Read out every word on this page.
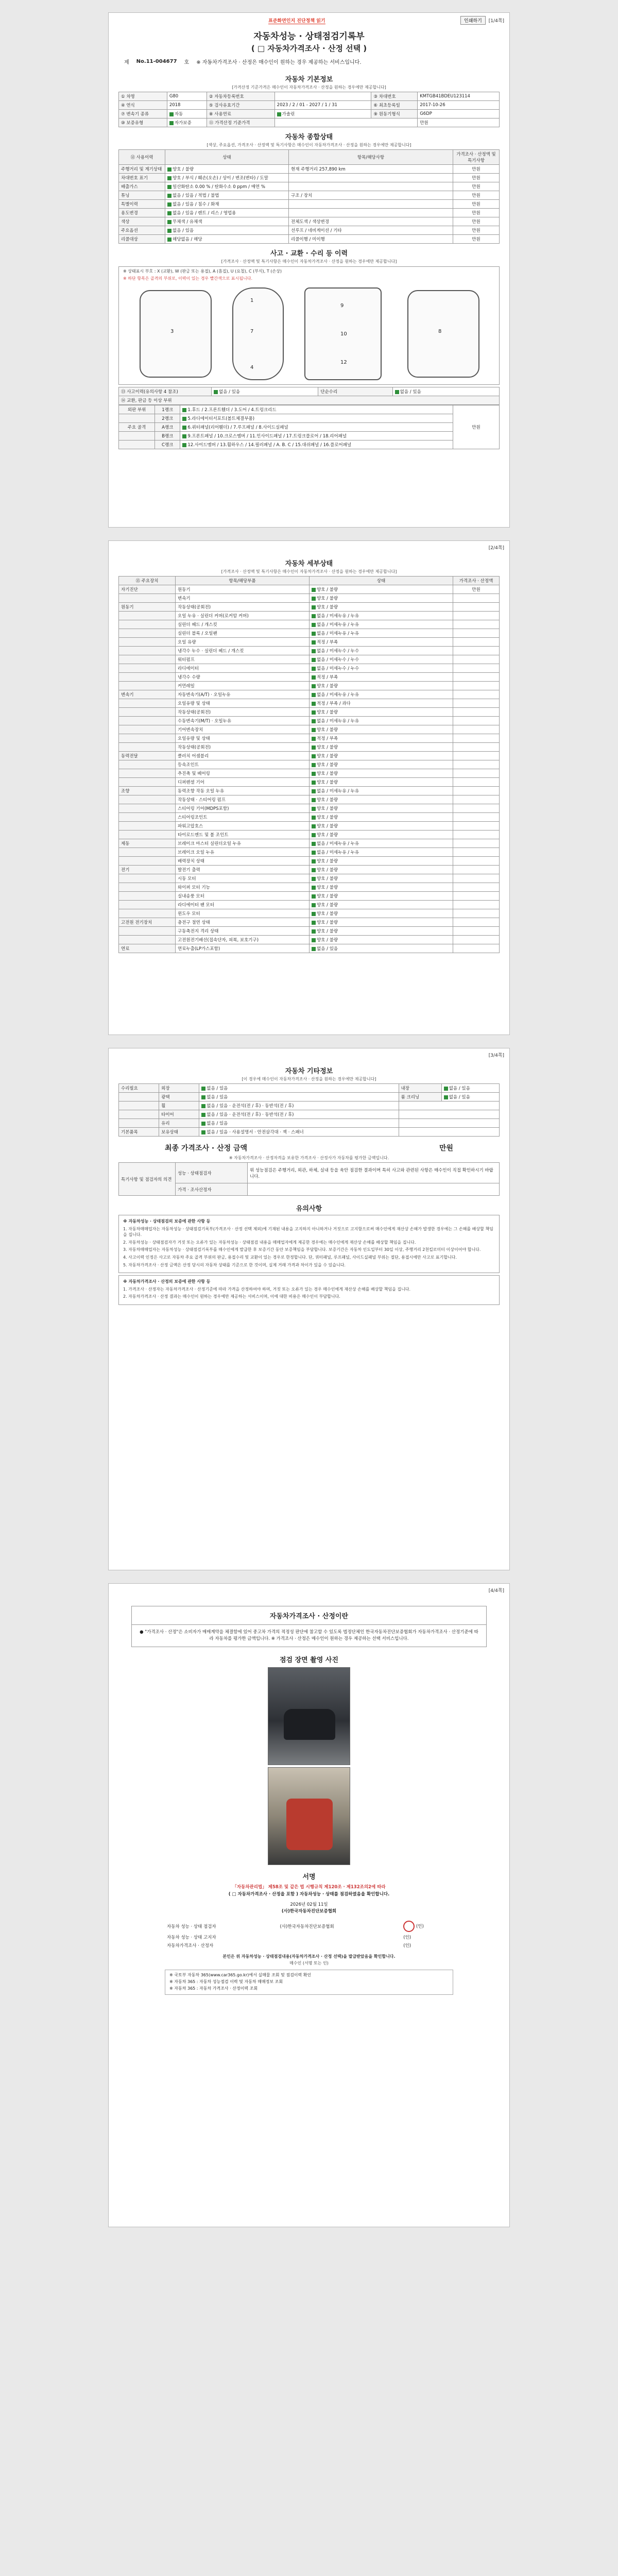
표준화면인지 진단정책 읽기	인쇄하기	[1/4쪽]
자동차성능 · 상태점검기록부
( □ 자동차가격조사 · 산정 선택 )
제 No.11-004677 호 ※ 자동차가격조사 · 산정은 매수인이 원하는 경우 제공하는 서비스입니다.
자동차 기본정보
[가격산정 기준가격은 매수인이 자동차가격조사 · 산정을 원하는 경우에만 제공합니다]
① 차명	G80	② 자동차등록번호		③ 차대번호	KMTGB41BDEU123114
④ 연식	2018	⑤ 검사유효기간	2023 / 2 / 01 - 2027 / 1 / 31	⑥ 최초등록일	2017-10-26
⑦ 변속기 종류	자동	⑧ 사용연료	가솔린	⑨ 원동기형식	G6DP
⑩ 보증유형	자가보증	⑪ 가격산정 기준가격			만원
자동차 종합상태
[색상, 주요옵션, 가격조사 · 산정액 및 특기사항은 매수인이 자동차가격조사 · 산정을 원하는 경우에만 제공합니다]
⑫ 사용이력	상태	항목/해당사항	가격조사 · 산정액 및 특기사항
주행거리 및 계기상태	양호 / 불량	현재 주행거리 257,890 km	만원
차대번호 표기	양호 / 부식 / 훼손(오손) / 상이 / 변조(변타) / 도말		만원
배출가스	일산화탄소 0.00 % / 탄화수소 0 ppm / 매연 %		만원
튜닝	없음 / 있음 / 적법 / 불법	구조 / 장치	만원
특별이력	없음 / 있음 / 침수 / 화재		만원
용도변경	없음 / 있음 / 렌트 / 리스 / 영업용		만원
색상	무채색 / 유채색	전체도색 / 색상변경	만원
주요옵션	없음 / 있음	선루프 / 네비게이션 / 기타	만원
리콜대상	해당없음 / 해당	리콜이행 / 미이행	만원
사고 · 교환 · 수리 등 이력
[가격조사 · 산정액 및 특기사항은 매수인이 자동차가격조사 · 산정을 원하는 경우에만 제공합니다]
※ 상태표시 부호 : X (교환), W (판금 또는 용접), A (흠집), U (요철), C (부식), T (손상)
※ 하단 항목은 골격의 부위로, 이력이 있는 경우 빨간색으로 표시됩니다.
1
7
4
9
10
12
3	8
⑬ 사고이력(유의사항 4 참조)	없음 / 있음	단순수리	없음 / 있음
⑭ 교환, 판금 등 이상 부위
외판 부위	1랭크	1.후드 / 2.프론트휀더 / 3.도어 / 4.트렁크리드	만원
	2랭크	5.라디에이터서포트(볼트체결부품)	
주요 골격	A랭크	6.쿼터패널(리어휀더) / 7.루프패널 / 8.사이드실패널	
	B랭크	9.프론트패널 / 10.크로스멤버 / 11.인사이드패널 / 17.트렁크플로어 / 18.리어패널	
	C랭크	12.사이드멤버 / 13.휠하우스 / 14.필러패널 / A. B. C / 15.대쉬패널 / 16.플로어패널	
[2/4쪽]
자동차 세부상태
[가격조사 · 산정액 및 특기사항은 매수인이 자동차가격조사 · 산정을 원하는 경우에만 제공합니다]
⑮ 주요장치	항목/해당부품	상태	가격조사 · 산정액
자기진단	원동기	양호 / 불량	만원
	변속기	양호 / 불량	
원동기	작동상태(공회전)	양호 / 불량	
	오일 누유 · 실린더 커버(로커암 커버)	없음 / 미세누유 / 누유	
	실린더 헤드 / 개스킷	없음 / 미세누유 / 누유	
	실린더 블록 / 오일팬	없음 / 미세누유 / 누유	
	오일 유량	적정 / 부족	
	냉각수 누수 · 실린더 헤드 / 개스킷	없음 / 미세누수 / 누수	
	워터펌프	없음 / 미세누수 / 누수	
	라디에이터	없음 / 미세누수 / 누수	
	냉각수 수량	적정 / 부족	
	커먼레일	양호 / 불량	
변속기	자동변속기(A/T) · 오일누유	없음 / 미세누유 / 누유	
	오일유량 및 상태	적정 / 부족 / 과다	
	작동상태(공회전)	양호 / 불량	
	수동변속기(M/T) · 오일누유	없음 / 미세누유 / 누유	
	기어변속장치	양호 / 불량	
	오일유량 및 상태	적정 / 부족	
	작동상태(공회전)	양호 / 불량	
동력전달	클러치 어셈블리	양호 / 불량	
	등속조인트	양호 / 불량	
	추진축 및 베어링	양호 / 불량	
	디퍼렌셜 기어	양호 / 불량	
조향	동력조향 작동 오일 누유	없음 / 미세누유 / 누유	
	작동상태 · 스티어링 펌프	양호 / 불량	
	스티어링 기어(MDPS포함)	양호 / 불량	
	스티어링조인트	양호 / 불량	
	파워고압호스	양호 / 불량	
	타이로드엔드 및 볼 조인트	양호 / 불량	
제동	브레이크 마스터 실린더오일 누유	없음 / 미세누유 / 누유	
	브레이크 오일 누유	없음 / 미세누유 / 누유	
	배력장치 상태	양호 / 불량	
전기	발전기 출력	양호 / 불량	
	시동 모터	양호 / 불량	
	와이퍼 모터 기능	양호 / 불량	
	실내송풍 모터	양호 / 불량	
	라디에이터 팬 모터	양호 / 불량	
	윈도우 모터	양호 / 불량	
고전원 전기장치	충전구 절연 상태	양호 / 불량	
	구동축전지 격리 상태	양호 / 불량	
	고전원전기배선(접속단자, 피복, 보호기구)	양호 / 불량	
연료	연료누출(LP가스포함)	없음 / 있음	
[3/4쪽]
자동차 기타정보
[이 경우에 매수인이 자동차가격조사 · 산정을 원하는 경우에만 제공합니다]
수리필요	외장	없음 / 있음	내장	없음 / 있음
	광택	없음 / 있음	룸 크리닝	없음 / 있음
	휠	없음 / 있음 · 운전석(전 / 후) · 동반석(전 / 후)		
	타이어	없음 / 있음 · 운전석(전 / 후) · 동반석(전 / 후)		
	유리	없음 / 있음		
기본품목	보유상태	없음 / 있음 · 사용설명서 · 안전삼각대 · 잭 · 스패너		
최종 가격조사 · 산정 금액	만원
※ 자동차가격조사 · 산정자격을 보유한 가격조사 · 산정사가 자동차를 평가한 금액입니다.
특기사항 및 점검자의 의견	성능 · 상태점검자	위 성능점검은 주행거리, 외관, 하체, 실내 등을 육안 점검한 결과이며 특히 사고와 관련된 사항은 매수인이 직접 확인하시기 바랍니다.
	가격 · 조사산정자	
유의사항

※ 자동차성능 · 상태점검의 보증에 관한 사항 등

1. 자동차매매업자는 자동차성능 · 상태점검기록부(가격조사 · 산정 선택 제외)에 기재된 내용을 고지하지 아니하거나 거짓으로 고지함으로써 매수인에게 재산상 손해가 발생한 경우에는 그 손해를 배상할 책임을 집니다.

2. 자동차성능 · 상태점검자가 거짓 또는 오류가 있는 자동차성능 · 상태점검 내용을 매매업자에게 제공한 경우에는 매수인에게 재산상 손해를 배상할 책임을 집니다.

3. 자동차매매업자는 자동차성능 · 상태점검기록부를 매수인에게 발급한 후 보증기간 동안 보증책임을 부담합니다. 보증기간은 자동차 인도일부터 30일 이상, 주행거리 2천킬로미터 이상이어야 합니다.

4. 사고이력 인정은 사고로 자동차 주요 골격 부위의 판금, 용접수리 및 교환이 있는 경우로 한정합니다. 단, 쿼터패널, 루프패널, 사이드실패널 부위는 절단, 용접시에만 사고로 표기합니다.

5. 자동차가격조사 · 산정 금액은 산정 당시의 자동차 상태를 기준으로 한 것이며, 실제 거래 가격과 차이가 있을 수 있습니다.

※ 자동차가격조사 · 산정의 보증에 관한 사항 등

1. 가격조사 · 산정자는 자동차가격조사 · 산정기준에 따라 가격을 산정하여야 하며, 거짓 또는 오류가 있는 경우 매수인에게 재산상 손해를 배상할 책임을 집니다.

2. 자동차가격조사 · 산정 결과는 매수인이 원하는 경우에만 제공하는 서비스이며, 이에 대한 비용은 매수인이 부담합니다.

[4/4쪽]
자동차가격조사 · 산정이란
● "가격조사 · 산정"은 소비자가 매매계약을 체결함에 있어 중고차 가격의 적정성 판단에 참고할 수 있도록 법정단체인 한국자동차진단보증협회가 자동차가격조사 · 산정기준에 따라 자동차를 평가한 금액입니다. ※ 가격조사 · 산정은 매수인이 원하는 경우 제공하는 선택 서비스입니다.
점검 장면 촬영 사진
서명
「자동차관리법」 제58조 및 같은 법 시행규칙 제120조 · 제132조의2에 따라
( □ 자동차가격조사 · 산정을 포함 ) 자동차성능 · 상태를 점검하였음을 확인합니다.
2026년 02월 11일
(사)한국자동차진단보증협회
자동차 성능 · 상태 점검자	(사)한국자동차진단보증협회	(인)
자동차 성능 · 상태 고지자		(인)
자동차가격조사 · 산정자		(인)
본인은 위 자동차성능 · 상태점검내용(자동차가격조사 · 산정 선택)을 발급받았음을 확인합니다.
매수인 (서명 또는 인)
※ 국토부 자동차 365(www.car365.go.kr)에서 실매물 조회 및 점검이력 확인
※ 자동차 365 : 자동차 성능점검 이력 및 자동차 매매정보 조회
※ 자동차 365 : 자동차 가격조사 · 산정이력 조회
